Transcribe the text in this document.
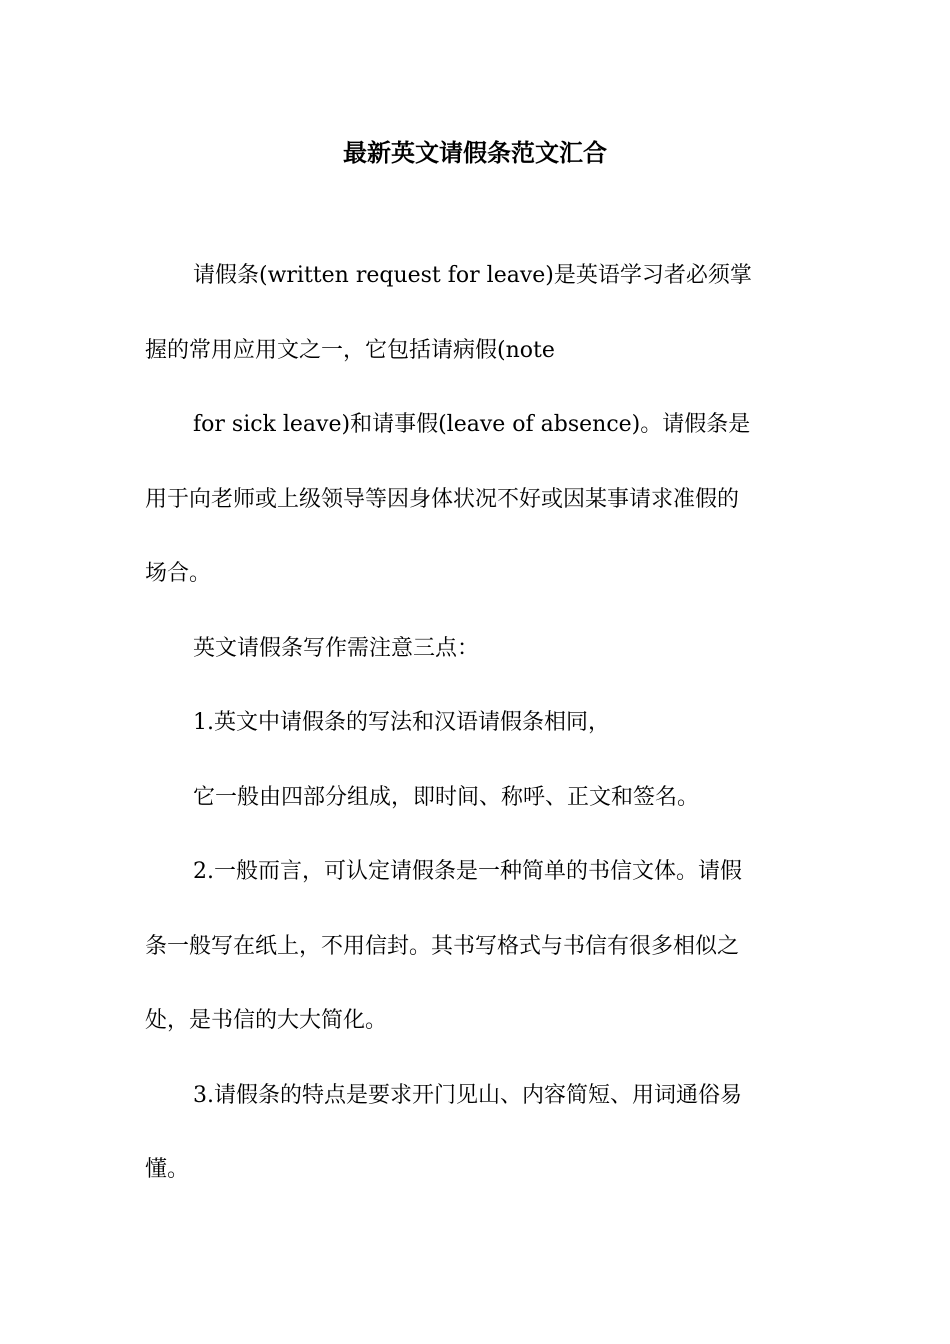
最新英文请假条范文汇合
请假条(written request for leave)是英语学习者必须掌
握的常用应用文之一，它包括请病假(note
for sick leave)和请事假(leave of absence)。请假条是
用于向老师或上级领导等因身体状况不好或因某事请求准假的
场合。
英文请假条写作需注意三点：
1.英文中请假条的写法和汉语请假条相同，
它一般由四部分组成，即时间、称呼、正文和签名。
2.一般而言，可认定请假条是一种简单的书信文体。请假
条一般写在纸上，不用信封。其书写格式与书信有很多相似之
处，是书信的大大简化。
3.请假条的特点是要求开门见山、内容简短、用词通俗易
懂。
